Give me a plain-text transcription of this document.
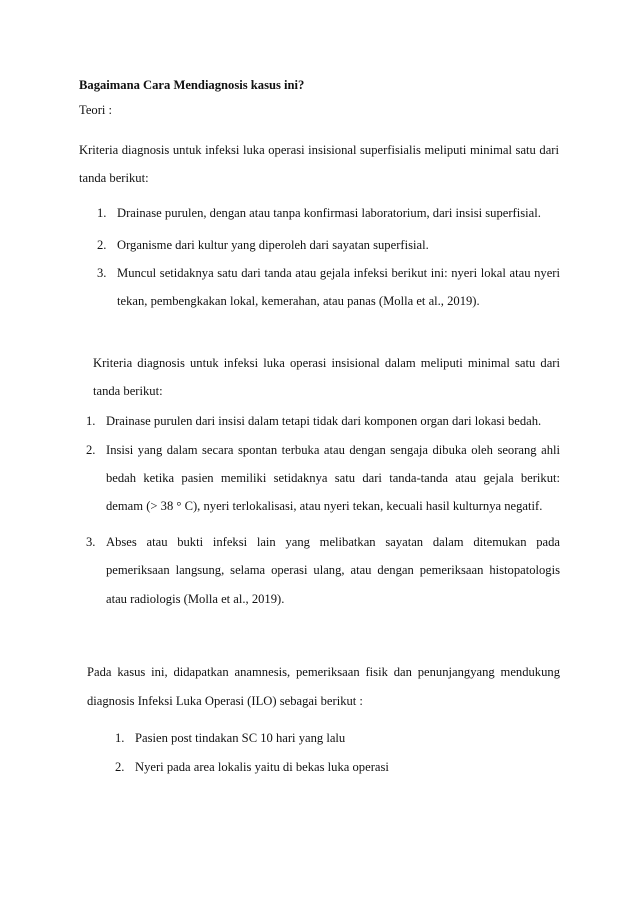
Bagaimana Cara Mendiagnosis kasus ini?
Teori :
Kriteria diagnosis untuk infeksi luka operasi insisional superfisialis meliputi minimal satu dari
tanda berikut:
1. Drainase purulen, dengan atau tanpa konfirmasi laboratorium, dari insisi superfisial.
2. Organisme dari kultur yang diperoleh dari sayatan superfisial.
3. Muncul setidaknya satu dari tanda atau gejala infeksi berikut ini: nyeri lokal atau nyeri
tekan, pembengkakan lokal, kemerahan, atau panas (Molla et al., 2019).
Kriteria diagnosis untuk infeksi luka operasi insisional dalam meliputi minimal satu dari
tanda berikut:
1. Drainase purulen dari insisi dalam tetapi tidak dari komponen organ dari lokasi bedah.
2. Insisi yang dalam secara spontan terbuka atau dengan sengaja dibuka oleh seorang ahli
bedah ketika pasien memiliki setidaknya satu dari tanda-tanda atau gejala berikut:
demam (> 38 ° C), nyeri terlokalisasi, atau nyeri tekan, kecuali hasil kulturnya negatif.
3. Abses atau bukti infeksi lain yang melibatkan sayatan dalam ditemukan pada
pemeriksaan langsung, selama operasi ulang, atau dengan pemeriksaan histopatologis
atau radiologis (Molla et al., 2019).
Pada kasus ini, didapatkan anamnesis, pemeriksaan fisik dan penunjangyang mendukung
diagnosis Infeksi Luka Operasi (ILO) sebagai berikut :
1. Pasien post tindakan SC 10 hari yang lalu
2. Nyeri pada area lokalis yaitu di bekas luka operasi
